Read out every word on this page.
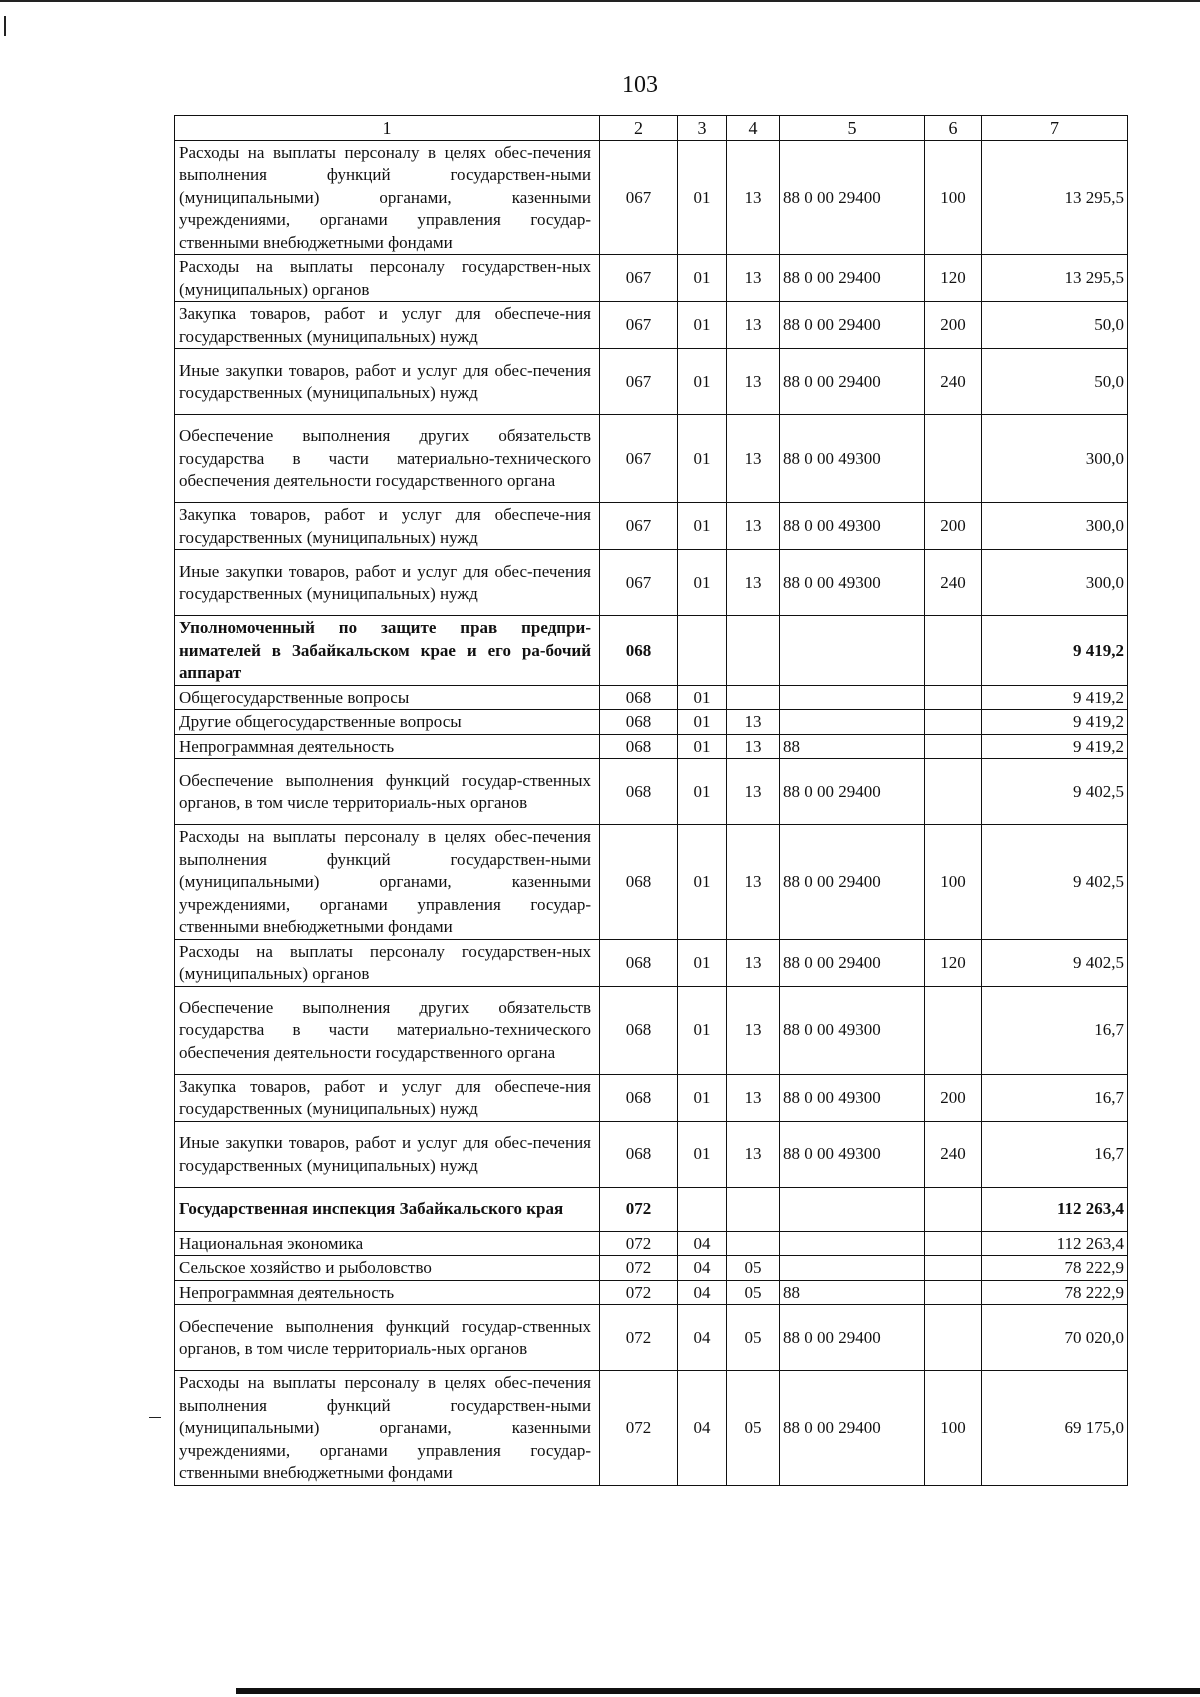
103
1	2	3	4	5	6	7
Расходы на выплаты персоналу в целях обес-печения выполнения функций государствен-ными (муниципальными) органами, казенными учреждениями, органами управления государ-ственными внебюджетными фондами	067	01	13	88 0 00 29400	100	13 295,5
Расходы на выплаты персоналу государствен-ных (муниципальных) органов	067	01	13	88 0 00 29400	120	13 295,5
Закупка товаров, работ и услуг для обеспече-ния государственных (муниципальных) нужд	067	01	13	88 0 00 29400	200	50,0
Иные закупки товаров, работ и услуг для обес-печения государственных (муниципальных) нужд	067	01	13	88 0 00 29400	240	50,0
Обеспечение выполнения других обязательств государства в части материально-технического обеспечения деятельности государственного органа	067	01	13	88 0 00 49300		300,0
Закупка товаров, работ и услуг для обеспече-ния государственных (муниципальных) нужд	067	01	13	88 0 00 49300	200	300,0
Иные закупки товаров, работ и услуг для обес-печения государственных (муниципальных) нужд	067	01	13	88 0 00 49300	240	300,0
Уполномоченный по защите прав предпри-нимателей в Забайкальском крае и его ра-бочий аппарат	068					9 419,2
Общегосударственные вопросы	068	01				9 419,2
Другие общегосударственные вопросы	068	01	13			9 419,2
Непрограммная деятельность	068	01	13	88		9 419,2
Обеспечение выполнения функций государ-ственных органов, в том числе территориаль-ных органов	068	01	13	88 0 00 29400		9 402,5
Расходы на выплаты персоналу в целях обес-печения выполнения функций государствен-ными (муниципальными) органами, казенными учреждениями, органами управления государ-ственными внебюджетными фондами	068	01	13	88 0 00 29400	100	9 402,5
Расходы на выплаты персоналу государствен-ных (муниципальных) органов	068	01	13	88 0 00 29400	120	9 402,5
Обеспечение выполнения других обязательств государства в части материально-технического обеспечения деятельности государственного органа	068	01	13	88 0 00 49300		16,7
Закупка товаров, работ и услуг для обеспече-ния государственных (муниципальных) нужд	068	01	13	88 0 00 49300	200	16,7
Иные закупки товаров, работ и услуг для обес-печения государственных (муниципальных) нужд	068	01	13	88 0 00 49300	240	16,7
Государственная инспекция Забайкальского края	072					112 263,4
Национальная экономика	072	04				112 263,4
Сельское хозяйство и рыболовство	072	04	05			78 222,9
Непрограммная деятельность	072	04	05	88		78 222,9
Обеспечение выполнения функций государ-ственных органов, в том числе территориаль-ных органов	072	04	05	88 0 00 29400		70 020,0
Расходы на выплаты персоналу в целях обес-печения выполнения функций государствен-ными (муниципальными) органами, казенными учреждениями, органами управления государ-ственными внебюджетными фондами	072	04	05	88 0 00 29400	100	69 175,0
